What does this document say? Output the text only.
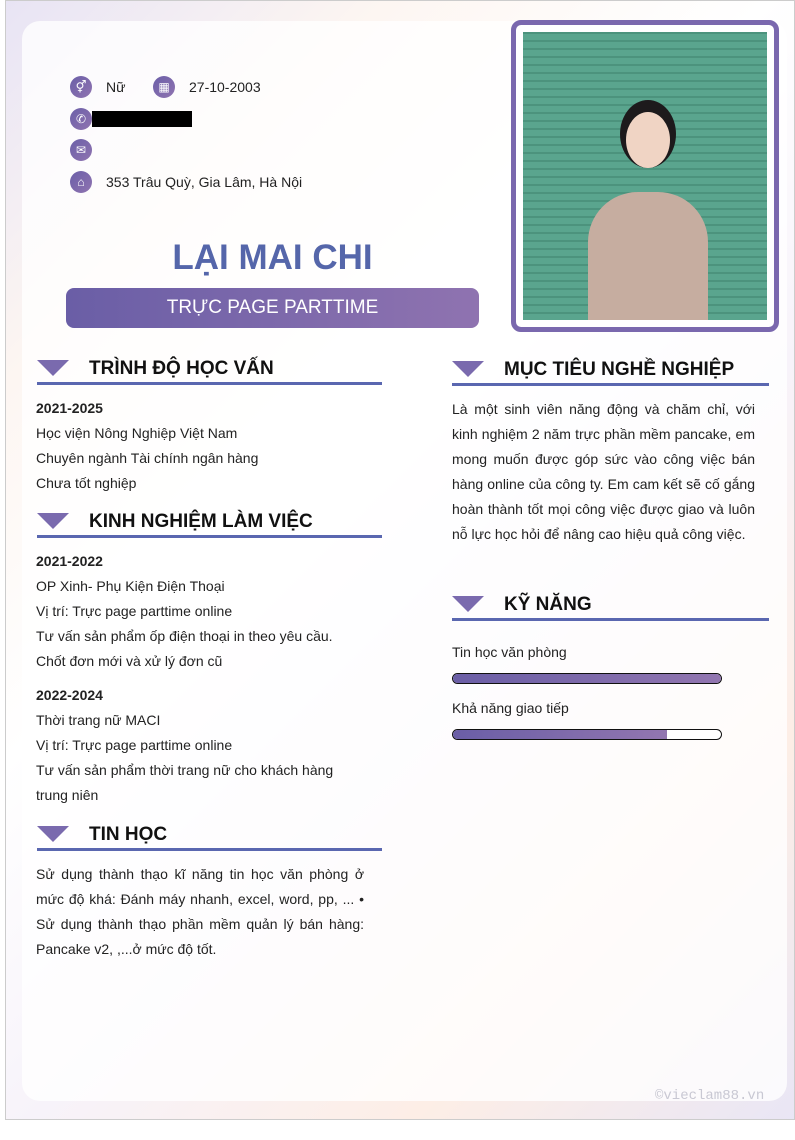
⚥	Nữ	▦	27-10-2003
✆
✉
⌂	353 Trâu Quỳ, Gia Lâm, Hà Nội
LẠI MAI CHI
TRỰC PAGE PARTTIME
TRÌNH ĐỘ HỌC VẤN
2021-2025
Học viện Nông Nghiệp Việt Nam
Chuyên ngành Tài chính ngân hàng
Chưa tốt nghiệp
KINH NGHIỆM LÀM VIỆC
2021-2022
OP Xinh- Phụ Kiện Điện Thoại
Vị trí: Trực page parttime online
Tư vấn sản phẩm ốp điện thoại in theo yêu cầu. Chốt đơn mới và xử lý đơn cũ
2022-2024
Thời trang nữ MACI
Vị trí: Trực page parttime online
Tư vấn sản phẩm thời trang nữ cho khách hàng trung niên
TIN HỌC
Sử dụng thành thạo kĩ năng tin học văn phòng ở mức độ khá: Đánh máy nhanh, excel, word, pp, ... • Sử dụng thành thạo phần mềm quản lý bán hàng: Pancake v2, ,...ở mức độ tốt.
MỤC TIÊU NGHỀ NGHIỆP
Là một sinh viên năng động và chăm chỉ, với kinh nghiệm 2 năm trực phần mềm pancake, em mong muốn được góp sức vào công việc bán hàng online của công ty. Em cam kết sẽ cố gắng hoàn thành tốt mọi công việc được giao và luôn nỗ lực học hỏi để nâng cao hiệu quả công việc.
KỸ NĂNG
Tin học văn phòng
Khả năng giao tiếp
©vieclam88.vn
